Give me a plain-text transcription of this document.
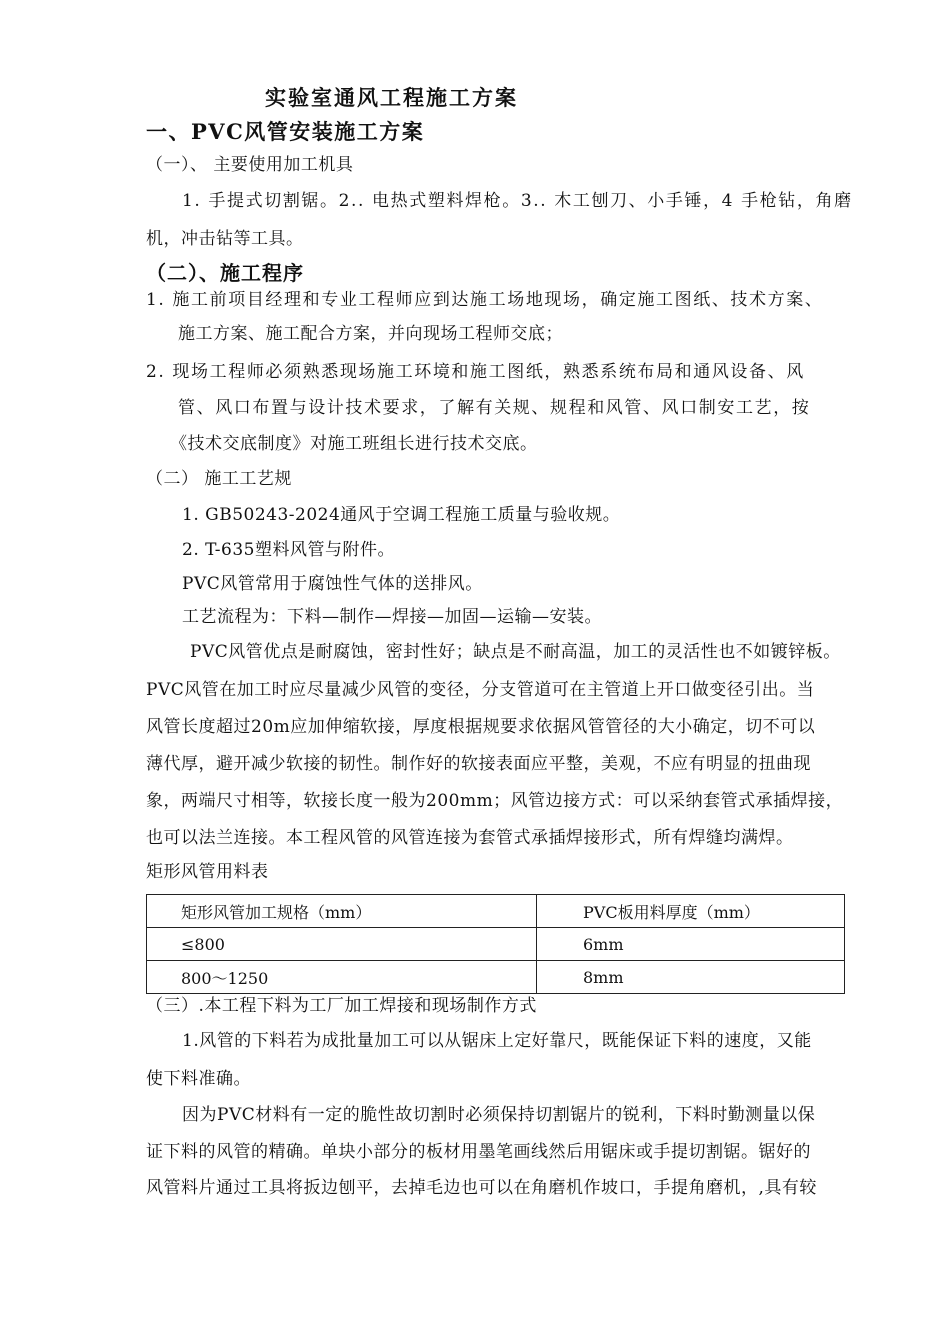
实验室通风工程施工方案
一、PVC风管安装施工方案
（一）、 主要使用加工机具
1. 手提式切割锯。2.. 电热式塑料焊枪。3.. 木工刨刀、小手锤，4 手枪钻，角磨
机，冲击钻等工具。
（二）、施工程序
1. 施工前项目经理和专业工程师应到达施工场地现场，确定施工图纸、技术方案、
施工方案、施工配合方案，并向现场工程师交底；
2. 现场工程师必须熟悉现场施工环境和施工图纸，熟悉系统布局和通风设备、风
管、风口布置与设计技术要求，了解有关规、规程和风管、风口制安工艺，按
《技术交底制度》对施工班组长进行技术交底。
（二） 施工工艺规
1. GB50243-2024通风于空调工程施工质量与验收规。
2. T-635塑料风管与附件。
PVC风管常用于腐蚀性气体的送排风。
工艺流程为：下料—制作—焊接—加固—运输—安装。
PVC风管优点是耐腐蚀，密封性好；缺点是不耐高温，加工的灵活性也不如镀锌板。
PVC风管在加工时应尽量减少风管的变径，分支管道可在主管道上开口做变径引出。当
风管长度超过20m应加伸缩软接，厚度根据规要求依据风管管径的大小确定，切不可以
薄代厚，避开减少软接的韧性。制作好的软接表面应平整，美观，不应有明显的扭曲现
象，两端尺寸相等，软接长度一般为200mm；风管边接方式：可以采纳套管式承插焊接，
也可以法兰连接。本工程风管的风管连接为套管式承插焊接形式，所有焊缝均满焊。
矩形风管用料表
矩形风管加工规格（mm）	PVC板用料厚度（mm）
≤800	6mm
800～1250	8mm
（三）.本工程下料为工厂加工焊接和现场制作方式
1.风管的下料若为成批量加工可以从锯床上定好靠尺，既能保证下料的速度，又能
使下料准确。
因为PVC材料有一定的脆性故切割时必须保持切割锯片的锐利，下料时勤测量以保
证下料的风管的精确。单块小部分的板材用墨笔画线然后用锯床或手提切割锯。锯好的
风管料片通过工具将扳边刨平，去掉毛边也可以在角磨机作坡口，手提角磨机，,具有较
